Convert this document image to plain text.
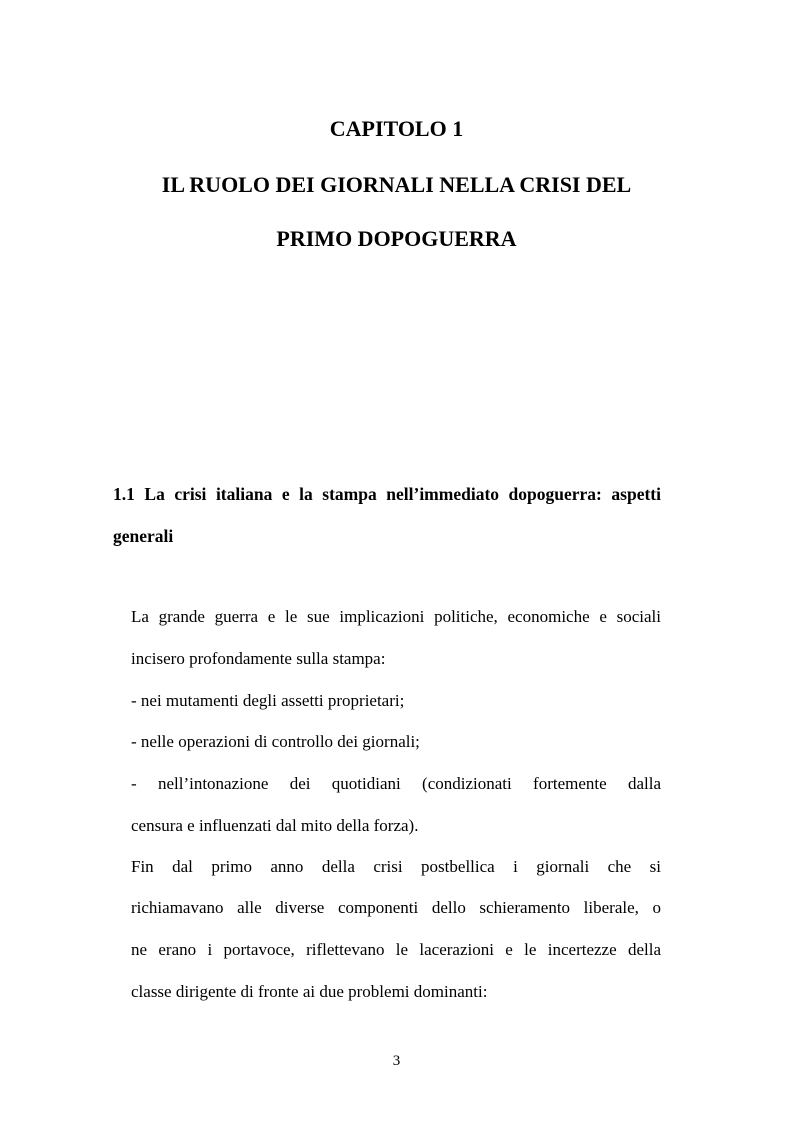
CAPITOLO 1
IL RUOLO DEI GIORNALI NELLA CRISI DEL
PRIMO DOPOGUERRA
1.1 La crisi italiana e la stampa nell’immediato dopoguerra: aspetti
generali
La grande guerra e le sue implicazioni politiche, economiche e sociali
incisero profondamente sulla stampa:
- nei mutamenti degli assetti proprietari;
- nelle operazioni di controllo dei giornali;
- nell’intonazione dei quotidiani (condizionati fortemente dalla
censura e influenzati dal mito della forza).
Fin dal primo anno della crisi postbellica i giornali che si
richiamavano alle diverse componenti dello schieramento liberale, o
ne erano i portavoce, riflettevano le lacerazioni e le incertezze della
classe dirigente di fronte ai due problemi dominanti:
3
